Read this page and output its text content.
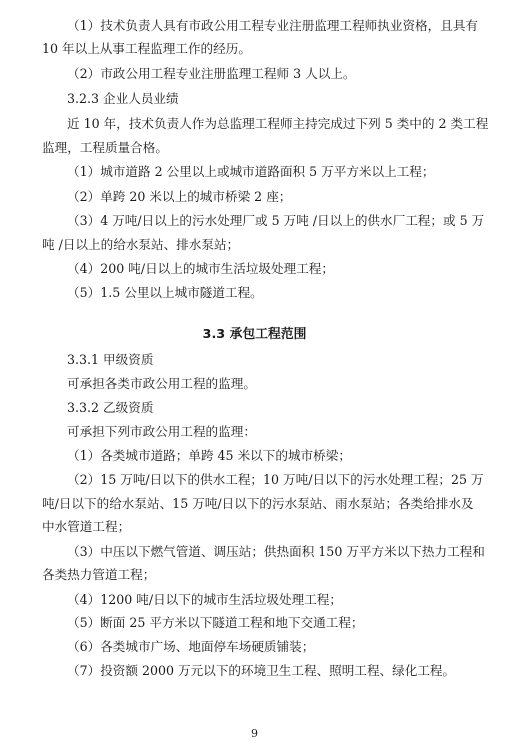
（1）技术负责人具有市政公用工程专业注册监理工程师执业资格，且具有
10 年以上从事工程监理工作的经历。
（2）市政公用工程专业注册监理工程师 3 人以上。
3.2.3 企业人员业绩
近 10 年，技术负责人作为总监理工程师主持完成过下列 5 类中的 2 类工程
监理，工程质量合格。
（1）城市道路 2 公里以上或城市道路面积 5 万平方米以上工程；
（2）单跨 20 米以上的城市桥梁 2 座；
（3）4 万吨/日以上的污水处理厂或 5 万吨 /日以上的供水厂工程；或 5 万
吨 /日以上的给水泵站、排水泵站；
（4）200 吨/日以上的城市生活垃圾处理工程；
（5）1.5 公里以上城市隧道工程。
3.3 承包工程范围
3.3.1 甲级资质
可承担各类市政公用工程的监理。
3.3.2 乙级资质
可承担下列市政公用工程的监理：
（1）各类城市道路；单跨 45 米以下的城市桥梁；
（2）15 万吨/日以下的供水工程；10 万吨/日以下的污水处理工程；25 万
吨/日以下的给水泵站、15 万吨/日以下的污水泵站、雨水泵站；各类给排水及
中水管道工程；
（3）中压以下燃气管道、调压站；供热面积 150 万平方米以下热力工程和
各类热力管道工程；
（4）1200 吨/日以下的城市生活垃圾处理工程；
（5）断面 25 平方米以下隧道工程和地下交通工程；
（6）各类城市广场、地面停车场硬质铺装；
（7）投资额 2000 万元以下的环境卫生工程、照明工程、绿化工程。
9
